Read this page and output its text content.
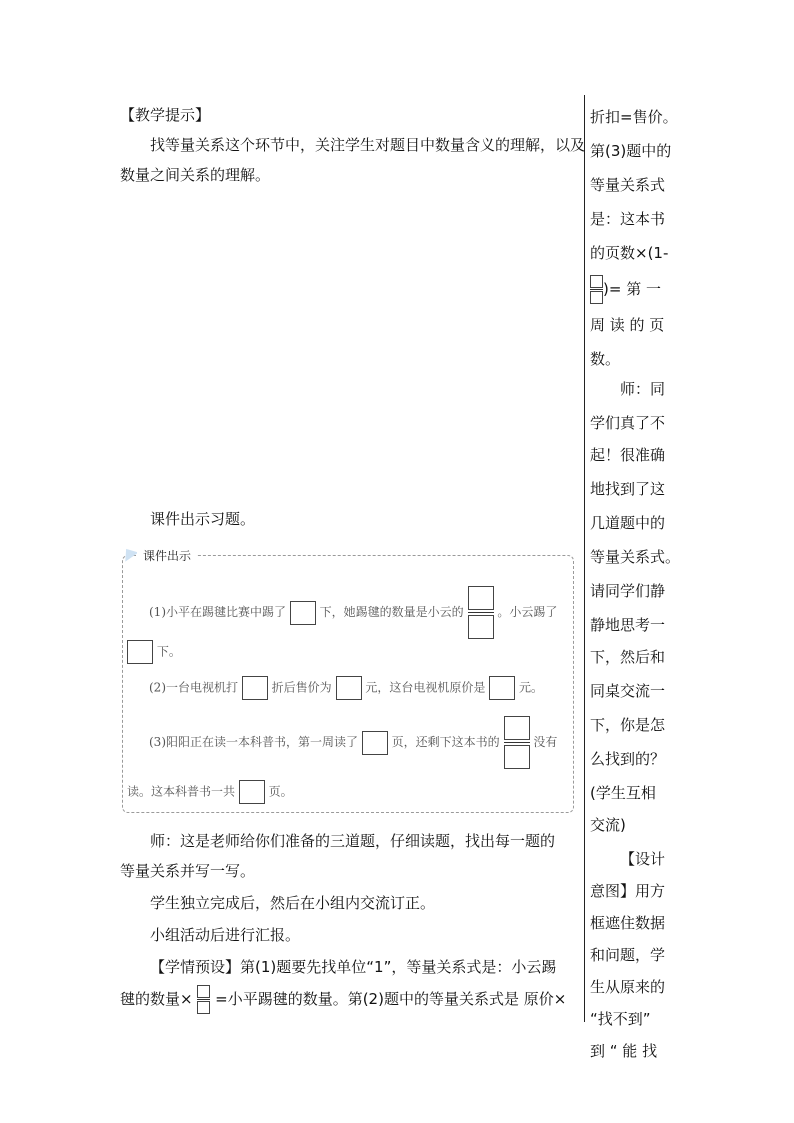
【教学提示】
找等量关系这个环节中，关注学生对题目中数量含义的理解，以及
数量之间关系的理解。
课件出示习题。
师：这是老师给你们准备的三道题，仔细读题，找出每一题的
等量关系并写一写。
学生独立完成后，然后在小组内交流订正。
小组活动后进行汇报。
【学情预设】第(1)题要先找单位“1”，等量关系式是：小云踢
毽的数量× =小平踢毽的数量。第(2)题中的等量关系式是 原价×
课件出示
(1)小平在踢毽比赛中踢了	下，她踢毽的数量是小云的	。小云踢了
下。
(2)一台电视机打	折后售价为	元，这台电视机原价是	元。
(3)阳阳正在读一本科普书，第一周读了	页，还剩下这本书的	没有
读。这本科普书一共	页。
折扣=售价。
第(3)题中的
等量关系式
是：这本书
的页数×(1-
)= 第 一
周 读 的 页
数。
师：同
学们真了不
起！很准确
地找到了这
几道题中的
等量关系式。
请同学们静
静地思考一
下，然后和
同桌交流一
下，你是怎
么找到的？
(学生互相
交流)
【设计
意图】用方
框遮住数据
和问题，学
生从原来的
“找不到”
到 “ 能 找
